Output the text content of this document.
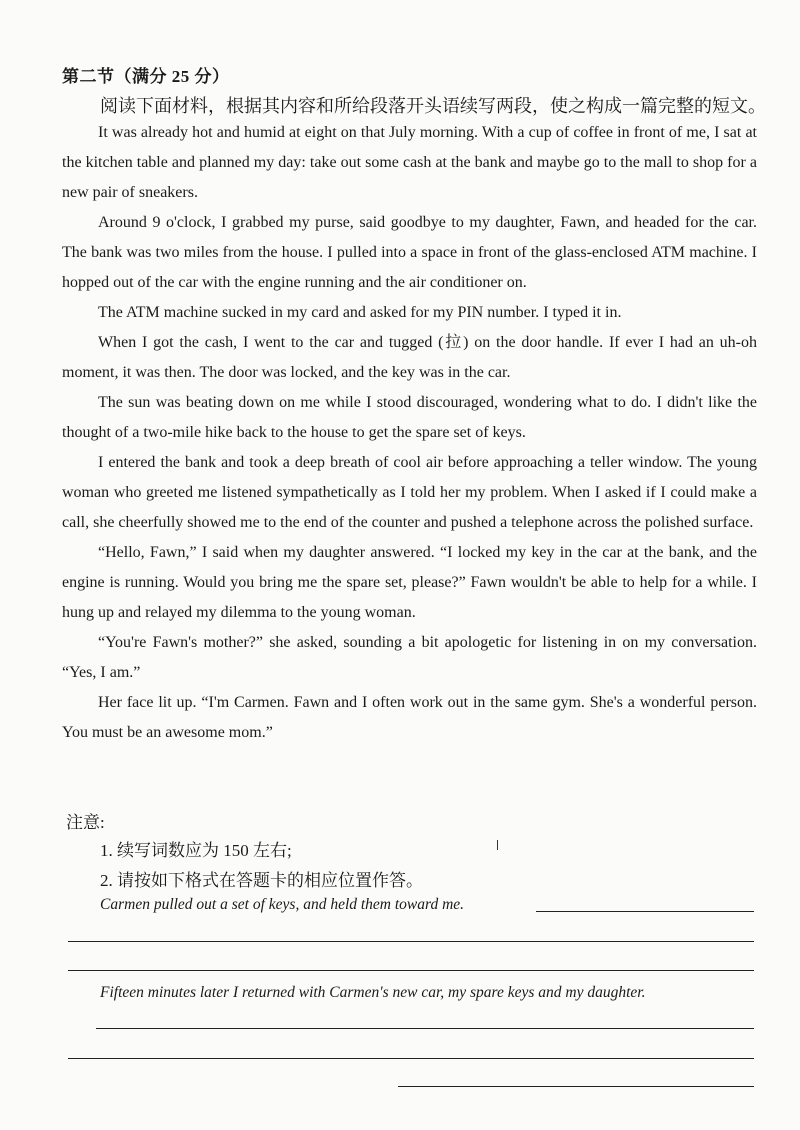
第二节（满分 25 分）
阅读下面材料，根据其内容和所给段落开头语续写两段，使之构成一篇完整的短文。

It was already hot and humid at eight on that July morning. With a cup of coffee in front of me, I sat at the kitchen table and planned my day: take out some cash at the bank and maybe go to the mall to shop for a new pair of sneakers.

Around 9 o'clock, I grabbed my purse, said goodbye to my daughter, Fawn, and headed for the car. The bank was two miles from the house. I pulled into a space in front of the glass-enclosed ATM machine. I hopped out of the car with the engine running and the air conditioner on.

The ATM machine sucked in my card and asked for my PIN number. I typed it in.

When I got the cash, I went to the car and tugged (拉) on the door handle. If ever I had an uh-oh moment, it was then. The door was locked, and the key was in the car.

The sun was beating down on me while I stood discouraged, wondering what to do. I didn't like the thought of a two-mile hike back to the house to get the spare set of keys.

I entered the bank and took a deep breath of cool air before approaching a teller window. The young woman who greeted me listened sympathetically as I told her my problem. When I asked if I could make a call, she cheerfully showed me to the end of the counter and pushed a telephone across the polished surface.

“Hello, Fawn,” I said when my daughter answered. “I locked my key in the car at the bank, and the engine is running. Would you bring me the spare set, please?” Fawn wouldn't be able to help for a while. I hung up and relayed my dilemma to the young woman.

“You're Fawn's mother?” she asked, sounding a bit apologetic for listening in on my conversation. “Yes, I am.”

Her face lit up. “I'm Carmen. Fawn and I often work out in the same gym. She's a wonderful person. You must be an awesome mom.”

注意:
1. 续写词数应为 150 左右;
2. 请按如下格式在答题卡的相应位置作答。
Carmen pulled out a set of keys, and held them toward me.
Fifteen minutes later I returned with Carmen's new car, my spare keys and my daughter.
